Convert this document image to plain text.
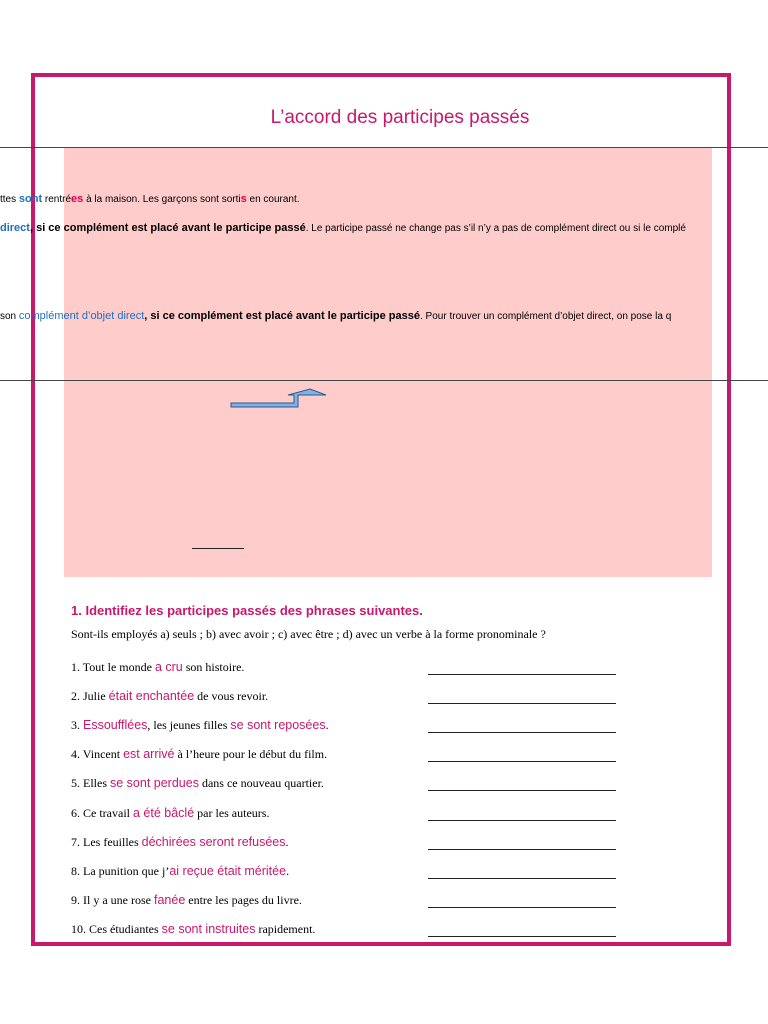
L’accord des participes passés
ttes sont rentrées à la maison. Les garçons sont sortis en courant.
direct, si ce complément est placé avant le participe passé. Le participe passé ne change pas s’il n’y a pas de complément direct ou si le complé
son complément d’objet direct, si ce complément est placé avant le participe passé. Pour trouver un complément d’objet direct, on pose la q
1. Identifiez les participes passés des phrases suivantes.
Sont-ils employés a) seuls ; b) avec avoir ; c) avec être ; d) avec un verbe à la forme pronominale ?
1. Tout le monde a cru son histoire.
2. Julie était enchantée de vous revoir.
3. Essoufflées, les jeunes filles se sont reposées.
4. Vincent est arrivé à l’heure pour le début du film.
5. Elles se sont perdues dans ce nouveau quartier.
6. Ce travail a été bâclé par les auteurs.
7. Les feuilles déchirées seront refusées.
8. La punition que j’ai reçue était méritée.
9. Il y a une rose fanée entre les pages du livre.
10. Ces étudiantes se sont instruites rapidement.
